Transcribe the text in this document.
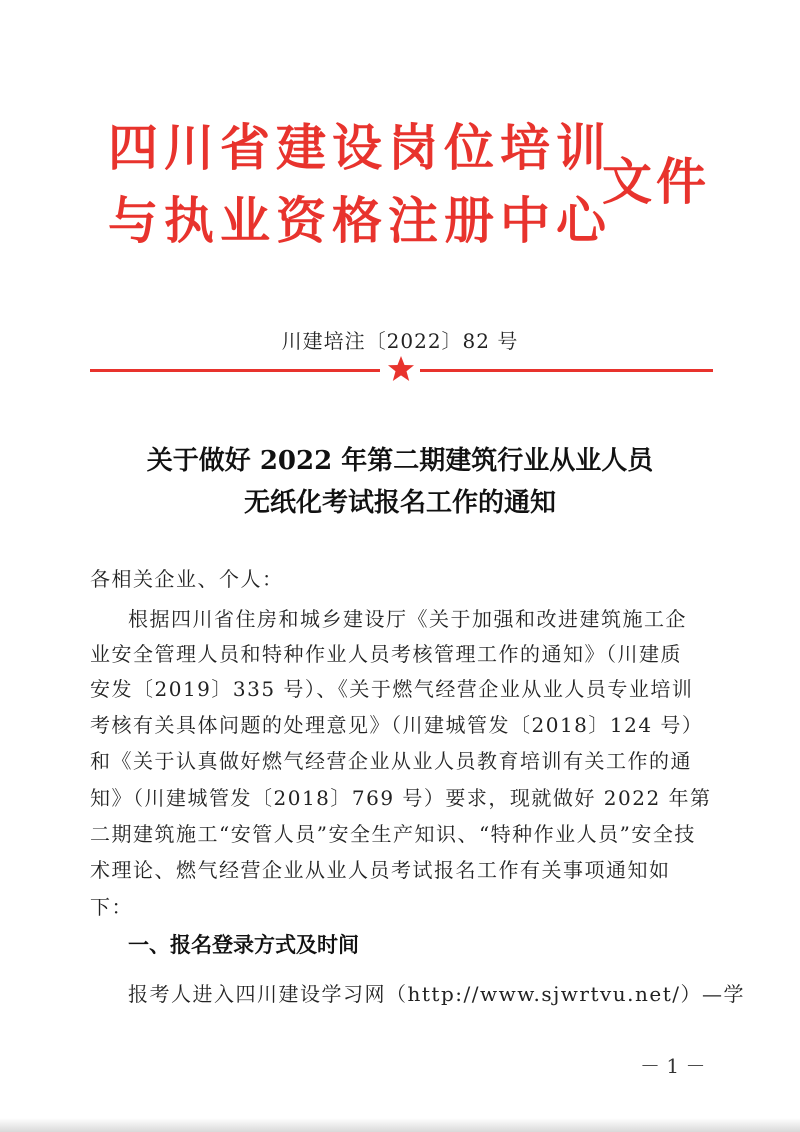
四川省建设岗位培训
与执业资格注册中心
文件
川建培注〔2022〕82 号
关于做好 2022 年第二期建筑行业从业人员
无纸化考试报名工作的通知
各相关企业、个人：
根据四川省住房和城乡建设厅《关于加强和改进建筑施工企
业安全管理人员和特种作业人员考核管理工作的通知》（川建质
安发〔2019〕335 号）、《关于燃气经营企业从业人员专业培训
考核有关具体问题的处理意见》（川建城管发〔2018〕124 号）
和《关于认真做好燃气经营企业从业人员教育培训有关工作的通
知》（川建城管发〔2018〕769 号）要求，现就做好 2022 年第
二期建筑施工“安管人员”安全生产知识、“特种作业人员”安全技
术理论、燃气经营企业从业人员考试报名工作有关事项通知如
下：
一、报名登录方式及时间
报考人进入四川建设学习网（http://www.sjwrtvu.net/）—学
－ 1 －
